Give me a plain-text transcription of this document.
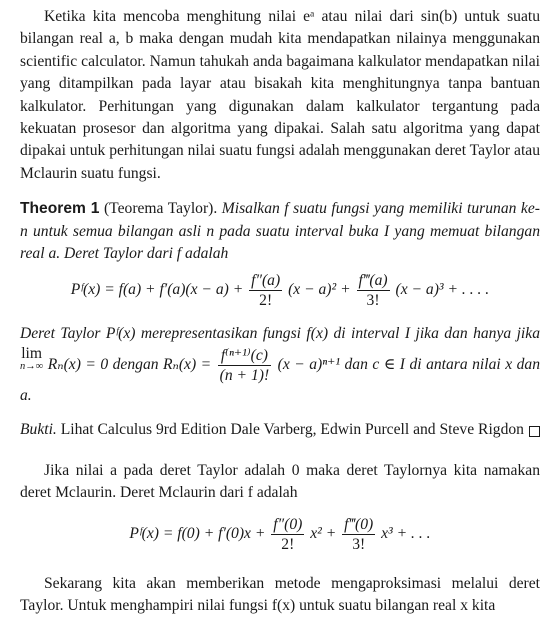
Ketika kita mencoba menghitung nilai eᵃ atau nilai dari sin(b) untuk suatu bilangan real a, b maka dengan mudah kita mendapatkan nilainya menggunakan scientific calculator. Namun tahukah anda bagaimana kalkulator mendapatkan nilai yang ditampilkan pada layar atau bisakah kita menghitungnya tanpa bantuan kalkulator. Perhitungan yang digunakan dalam kalkulator tergantung pada kekuatan prosesor dan algoritma yang dipakai. Salah satu algoritma yang dapat dipakai untuk perhitungan nilai suatu fungsi adalah menggunakan deret Taylor atau Mclaurin suatu fungsi.

Theorem 1 (Teorema Taylor). Misalkan f suatu fungsi yang memiliki turunan ke-n untuk semua bilangan asli n pada suatu interval buka I yang memuat bilangan real a. Deret Taylor dari f adalah

Pᶠ(x) = $f(a) + f'(a)(x - a) + \frac{f''(a)}{2!} (x - a)^2 + \frac{f‴(a)}{3!} (x - a)^3$ + . . . .

Deret Taylor Pᶠ(x) merepresentasikan fungsi f(x) di interval I jika dan hanya jika lim
n→∞ Rₙ(x) = 0 dengan $R_n(x) = \frac{\text{f⁽ⁿ⁺¹⁾(c)}}{(n + 1)!} (x - a)^{n+1}$ dan c ∈ I di antara nilai x dan a.

Bukti. Lihat Calculus 9rd Edition Dale Varberg, Edwin Purcell and Steve Rigdon

Jika nilai a pada deret Taylor adalah 0 maka deret Taylornya kita namakan deret Mclaurin. Deret Mclaurin dari f adalah

Pᶠ(x) = $f(0) + f'(0)x + \frac{f''(0)}{2!} x^2 + \frac{f‴(0)}{3!} x^3$ + . . .

Sekarang kita akan memberikan metode mengaproksimasi melalui deret Taylor. Untuk menghampiri nilai fungsi f(x) untuk suatu bilangan real x kita
